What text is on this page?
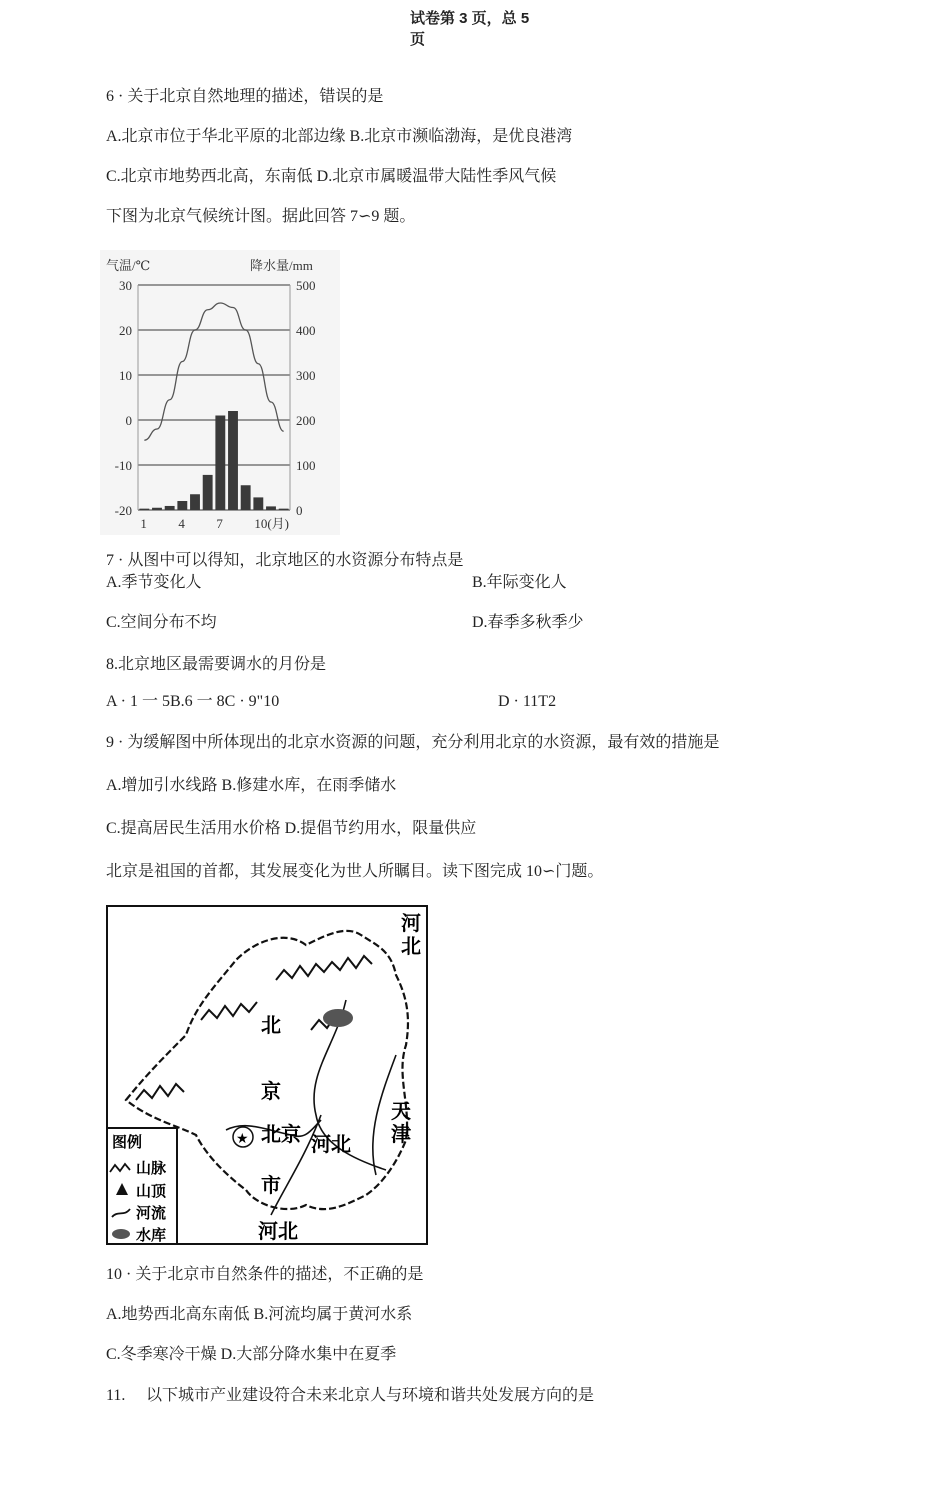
试卷第 3 页，总 5
页
6 · 关于北京自然地理的描述，错误的是
A.北京市位于华北平原的北部边缘 B.北京市濒临渤海，是优良港湾
C.北京市地势西北高，东南低 D.北京市属暖温带大陆性季风气候
下图为北京气候统计图。据此回答 7∽9 题。
气温/℃	降水量/mm
30
20
10
0
-10
-20
500
400
300
200
100
0
1 4 7 10(月)
7 · 从图中可以得知，北京地区的水资源分布特点是
A.季节变化人	B.年际变化人
C.空间分布不均	D.春季多秋季少
8.北京地区最需要调水的月份是
A · 1 一 5B.6 一 8C · 9"10	D · 11T2
9 · 为缓解图中所体现出的北京水资源的问题，充分利用北京的水资源，最有效的措施是
A.增加引水线路 B.修建水库，在雨季储水
C.提高居民生活用水价格 D.提倡节约用水，限量供应
北京是祖国的首都，其发展变化为世人所瞩目。读下图完成 10∽门题。
★
河
北
北
京
北京 河北
天
津
市
河北
图例
山脉
山顶
河流
水库
10 · 关于北京市自然条件的描述，不正确的是
A.地势西北高东南低 B.河流均属于黄河水系
C.冬季寒冷干燥 D.大部分降水集中在夏季
11. 以下城市产业建设符合未来北京人与环境和谐共处发展方向的是
